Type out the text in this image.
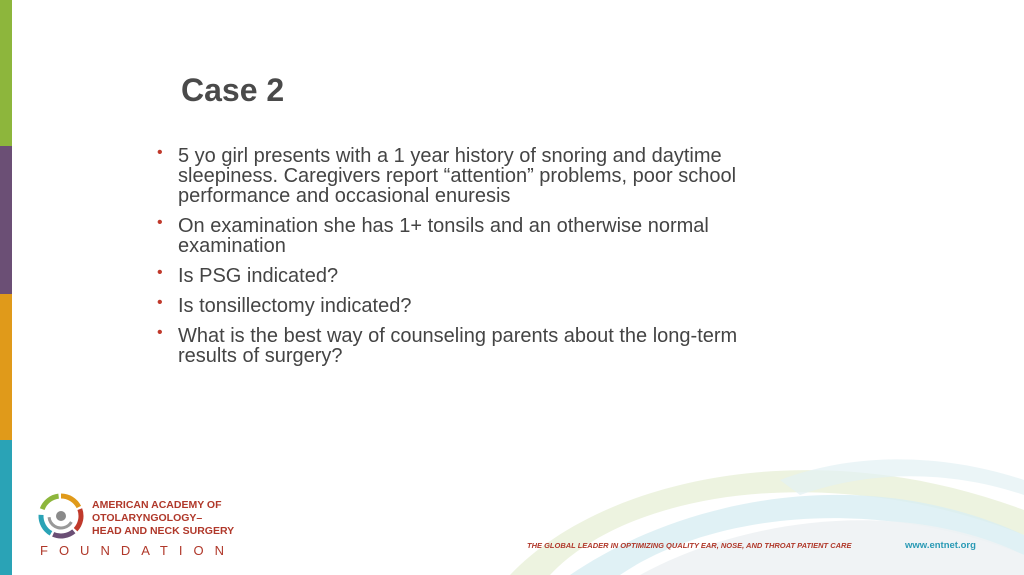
Case 2
• 5 yo girl presents with a 1 year history of snoring and daytime
sleepiness. Caregivers report “attention” problems, poor school
performance and occasional enuresis
• On examination she has 1+ tonsils and an otherwise normal
examination
• Is PSG indicated?
• Is tonsillectomy indicated?
• What is the best way of counseling parents about the long-term
results of surgery?
AMERICAN ACADEMY OF
OTOLARYNGOLOGY–
HEAD AND NECK SURGERY
FOUNDATION	THE GLOBAL LEADER IN OPTIMIZING QUALITY EAR, NOSE, AND THROAT PATIENT CARE	www.entnet.org
